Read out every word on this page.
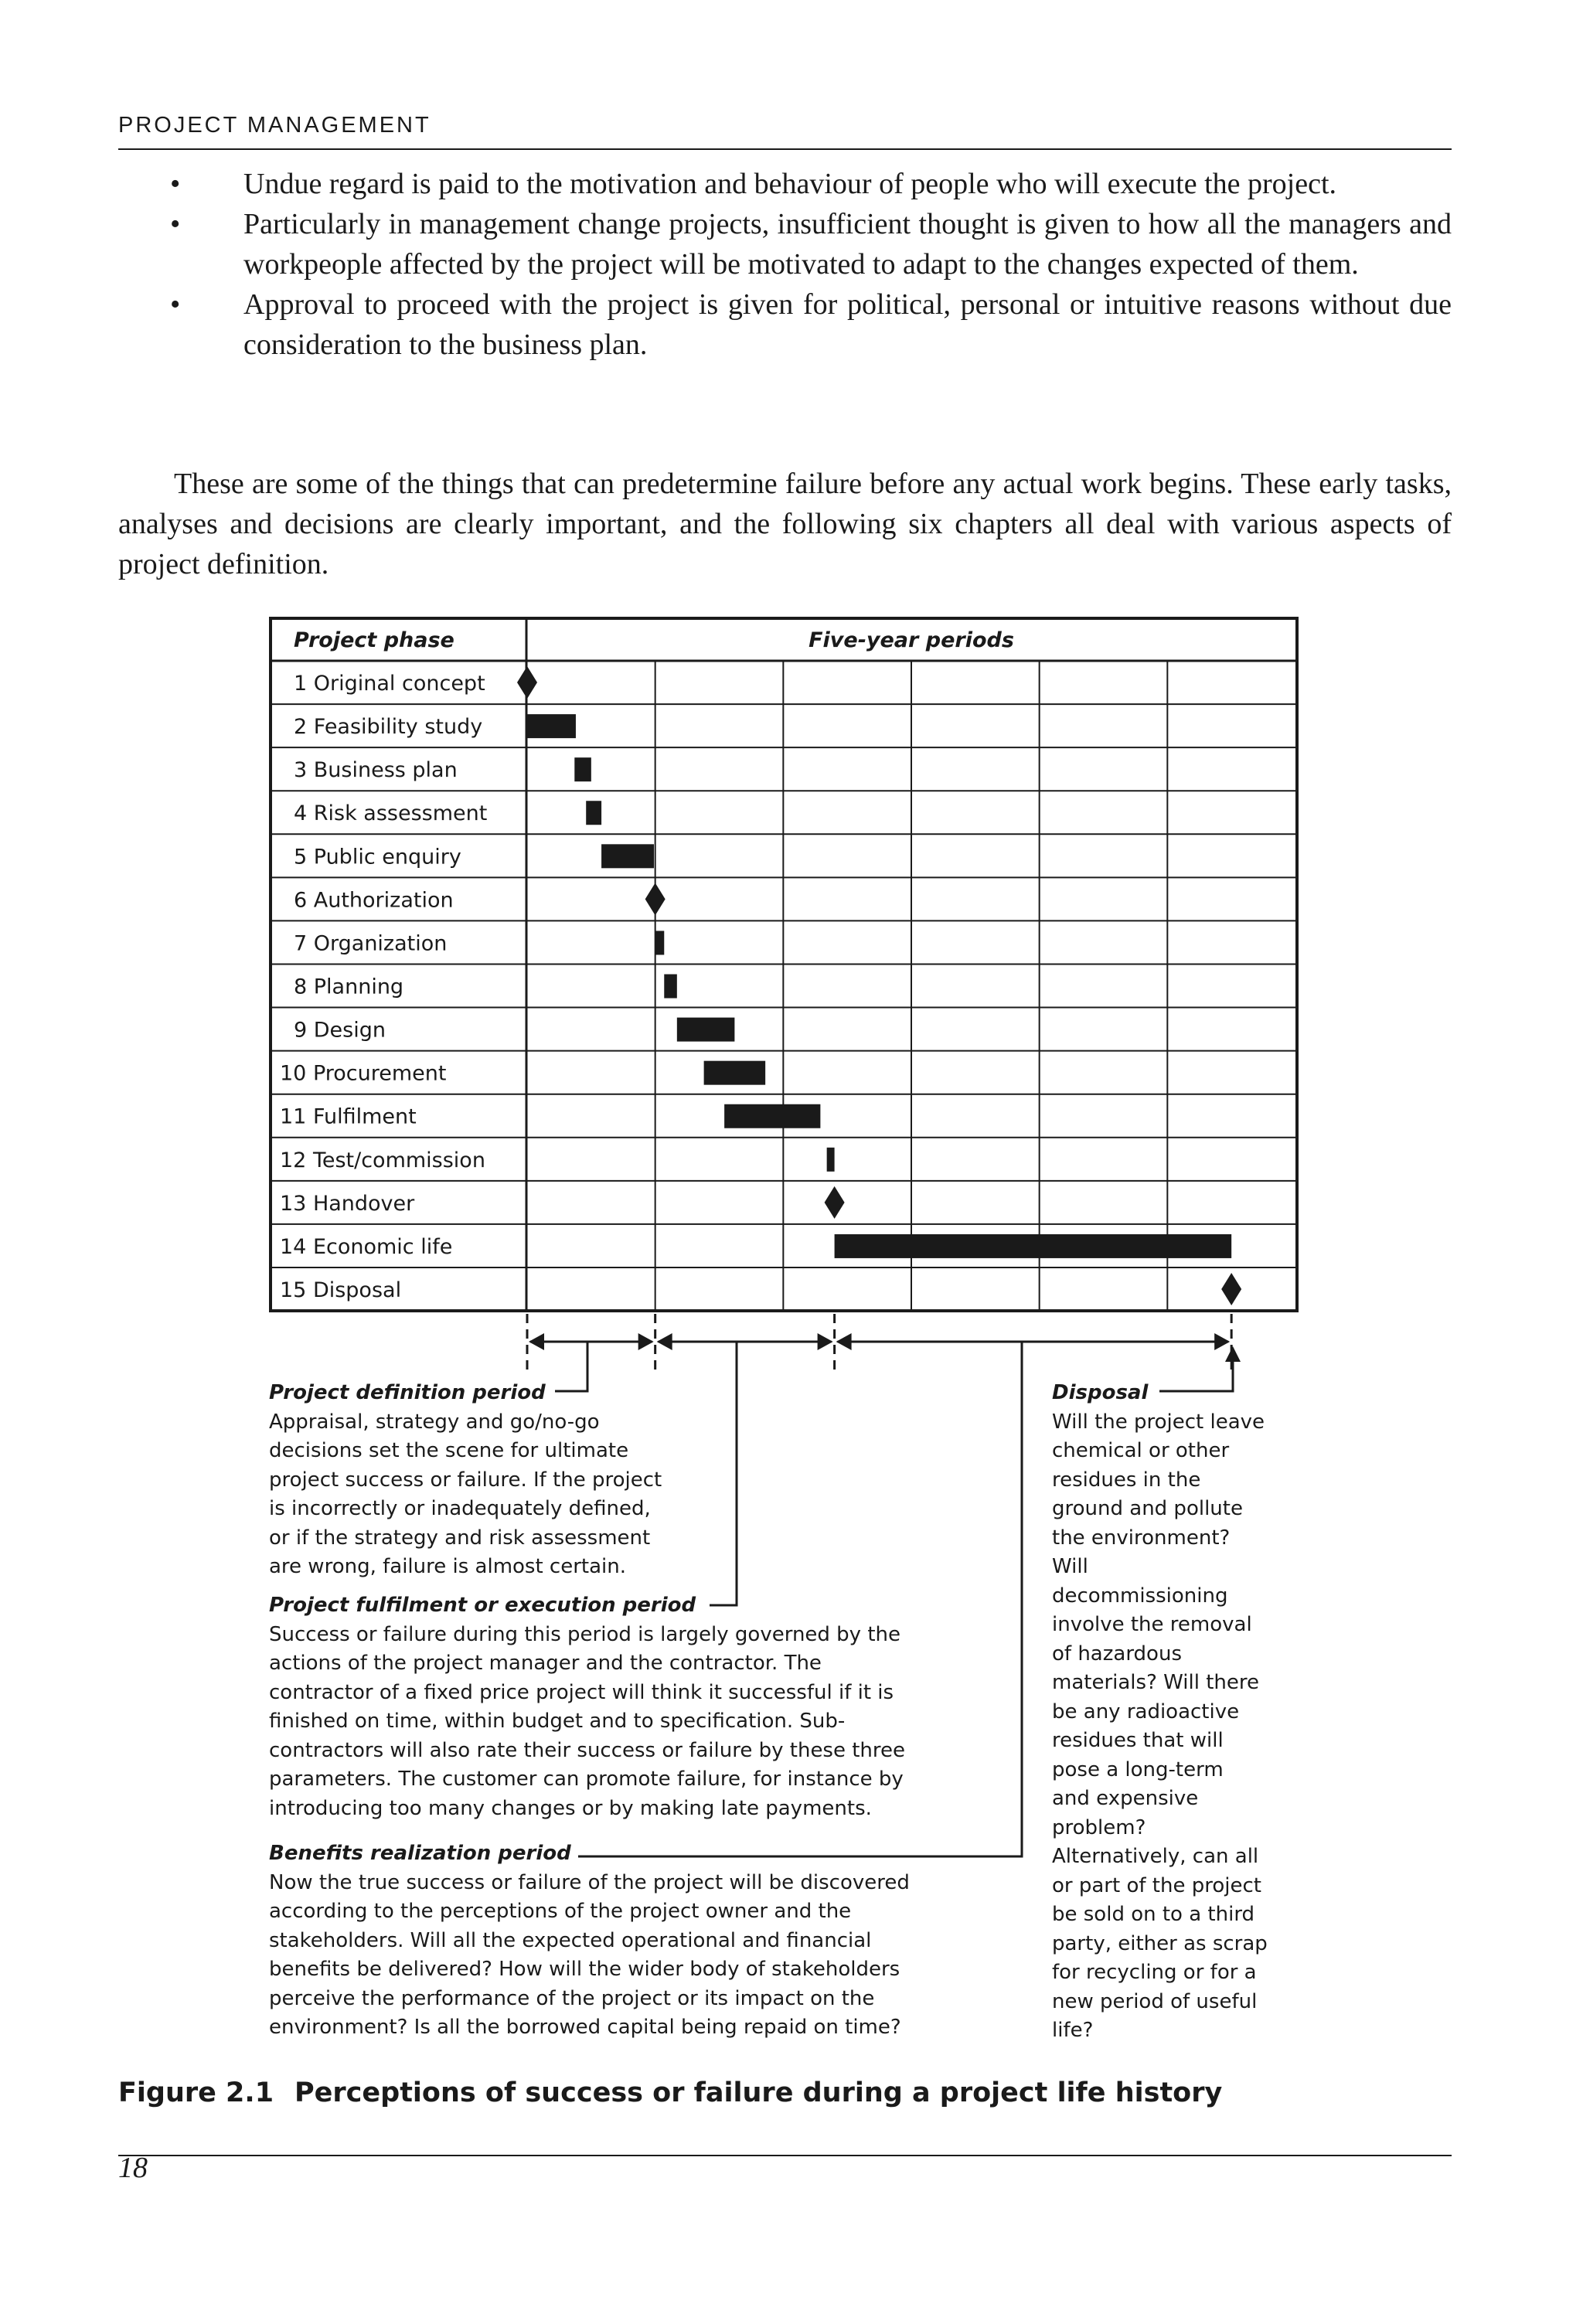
PROJECT MANAGEMENT
• Undue regard is paid to the motivation and behaviour of people who will execute the project.
• Particularly in management change projects, insufficient thought is given to how all the managers and workpeople affected by the project will be motivated to adapt to the changes expected of them.
• Approval to proceed with the project is given for political, personal or intuitive reasons without due consideration to the business plan.

These are some of the things that can predetermine failure before any actual work begins. These early tasks, analyses and decisions are clearly important, and the following six chapters all deal with various aspects of project definition.

Project phase	Five-year periods
1 Original concept
2 Feasibility study
3 Business plan
4 Risk assessment
5 Public enquiry
6 Authorization
7 Organization
8 Planning
9 Design
10 Procurement
11 Fulfilment
12 Test/commission
13 Handover
14 Economic life
15 Disposal
Project definition period
Appraisal, strategy and go/no-go
decisions set the scene for ultimate
project success or failure. If the project
is incorrectly or inadequately defined,
or if the strategy and risk assessment
are wrong, failure is almost certain.
Project fulfilment or execution period
Success or failure during this period is largely governed by the
actions of the project manager and the contractor. The
contractor of a fixed price project will think it successful if it is
finished on time, within budget and to specification. Sub-
contractors will also rate their success or failure by these three
parameters. The customer can promote failure, for instance by
introducing too many changes or by making late payments.
Benefits realization period
Now the true success or failure of the project will be discovered
according to the perceptions of the project owner and the
stakeholders. Will all the expected operational and financial
benefits be delivered? How will the wider body of stakeholders
perceive the performance of the project or its impact on the
environment? Is all the borrowed capital being repaid on time?
Disposal
Will the project leave
chemical or other
residues in the
ground and pollute
the environment?
Will
decommissioning
involve the removal
of hazardous
materials? Will there
be any radioactive
residues that will
pose a long-term
and expensive
problem?
Alternatively, can all
or part of the project
be sold on to a third
party, either as scrap
for recycling or for a
new period of useful
life?
Figure 2.1 Perceptions of success or failure during a project life history
18
